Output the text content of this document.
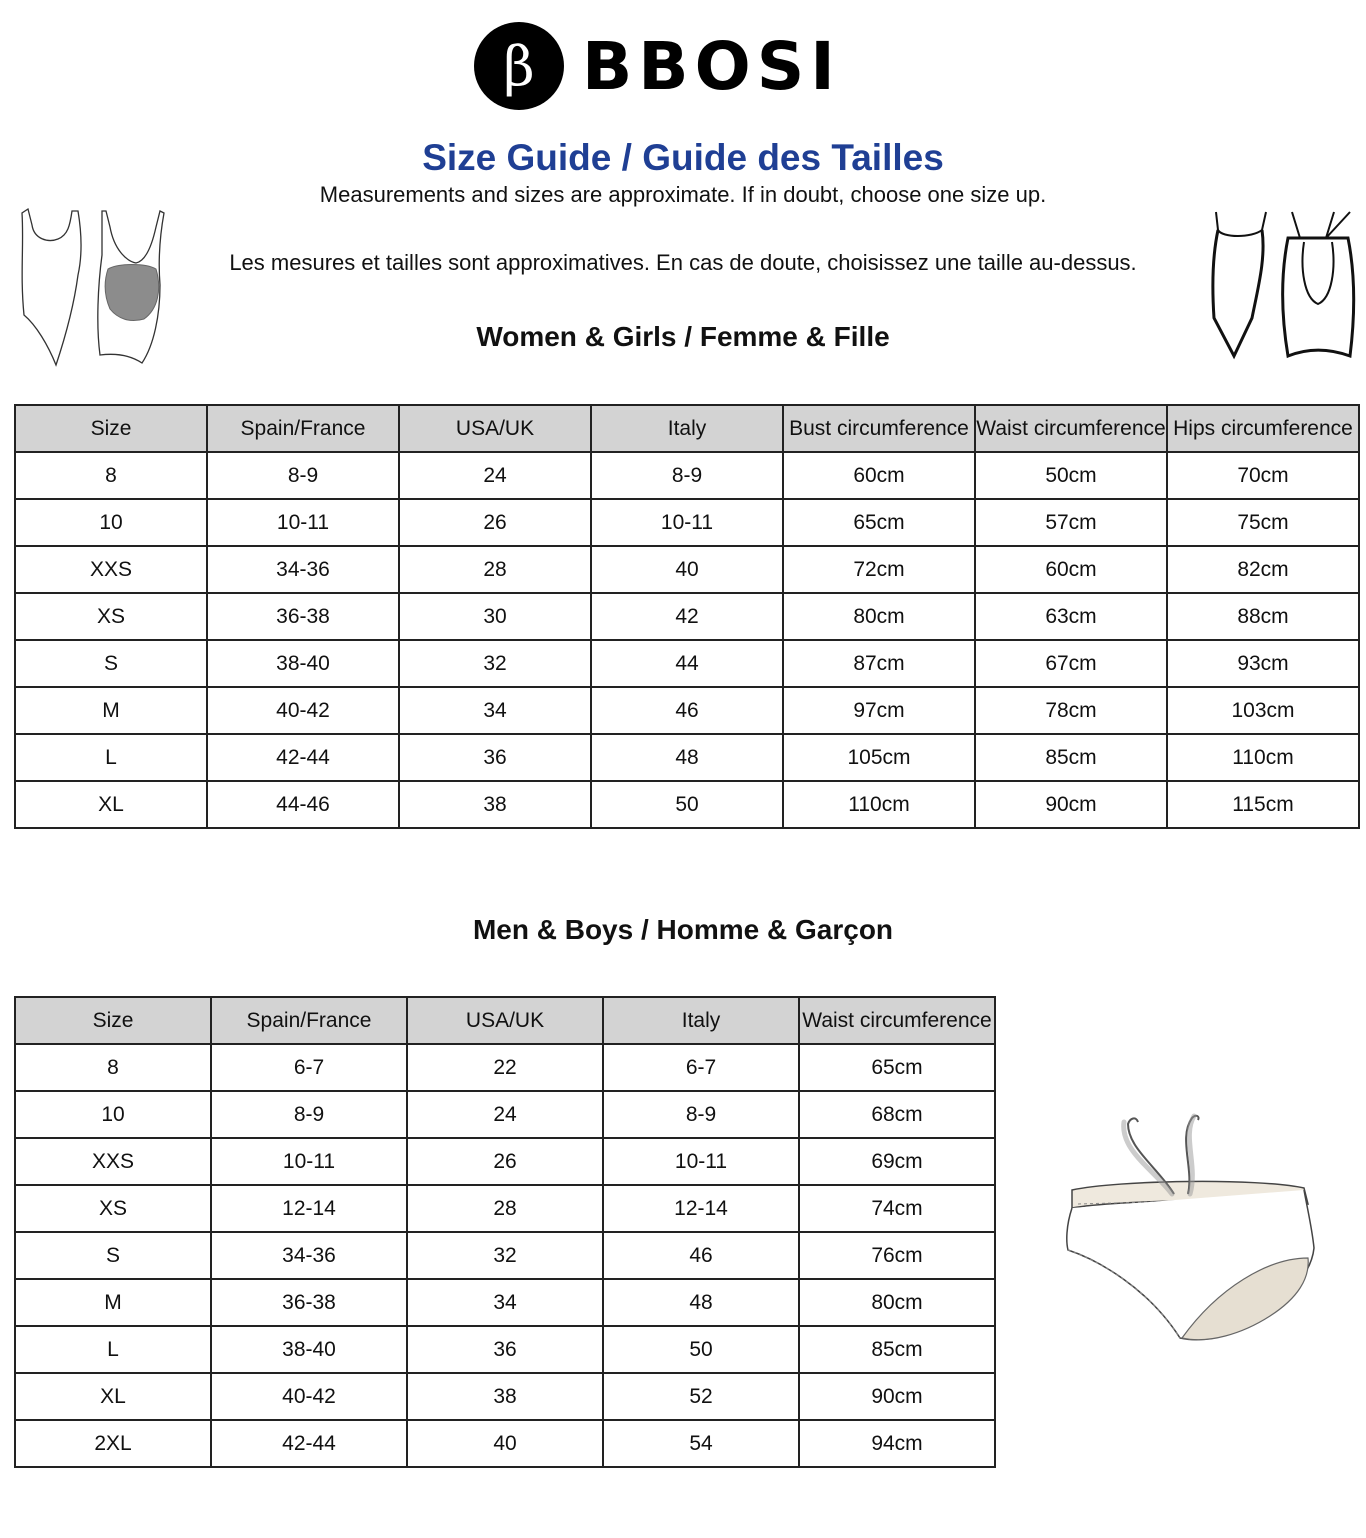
β BBOSI
Size Guide / Guide des Tailles
Measurements and sizes are approximate. If in doubt, choose one size up.
Les mesures et tailles sont approximatives. En cas de doute, choisissez une taille au-dessus.
Women & Girls / Femme & Fille
Size	Spain/France	USA/UK	Italy	Bust circumference	Waist circumference	Hips circumference
8	8-9	24	8-9	60cm	50cm	70cm
10	10-11	26	10-11	65cm	57cm	75cm
XXS	34-36	28	40	72cm	60cm	82cm
XS	36-38	30	42	80cm	63cm	88cm
S	38-40	32	44	87cm	67cm	93cm
M	40-42	34	46	97cm	78cm	103cm
L	42-44	36	48	105cm	85cm	110cm
XL	44-46	38	50	110cm	90cm	115cm
Men & Boys / Homme & Garçon
Size	Spain/France	USA/UK	Italy	Waist circumference
8	6-7	22	6-7	65cm
10	8-9	24	8-9	68cm
XXS	10-11	26	10-11	69cm
XS	12-14	28	12-14	74cm
S	34-36	32	46	76cm
M	36-38	34	48	80cm
L	38-40	36	50	85cm
XL	40-42	38	52	90cm
2XL	42-44	40	54	94cm
